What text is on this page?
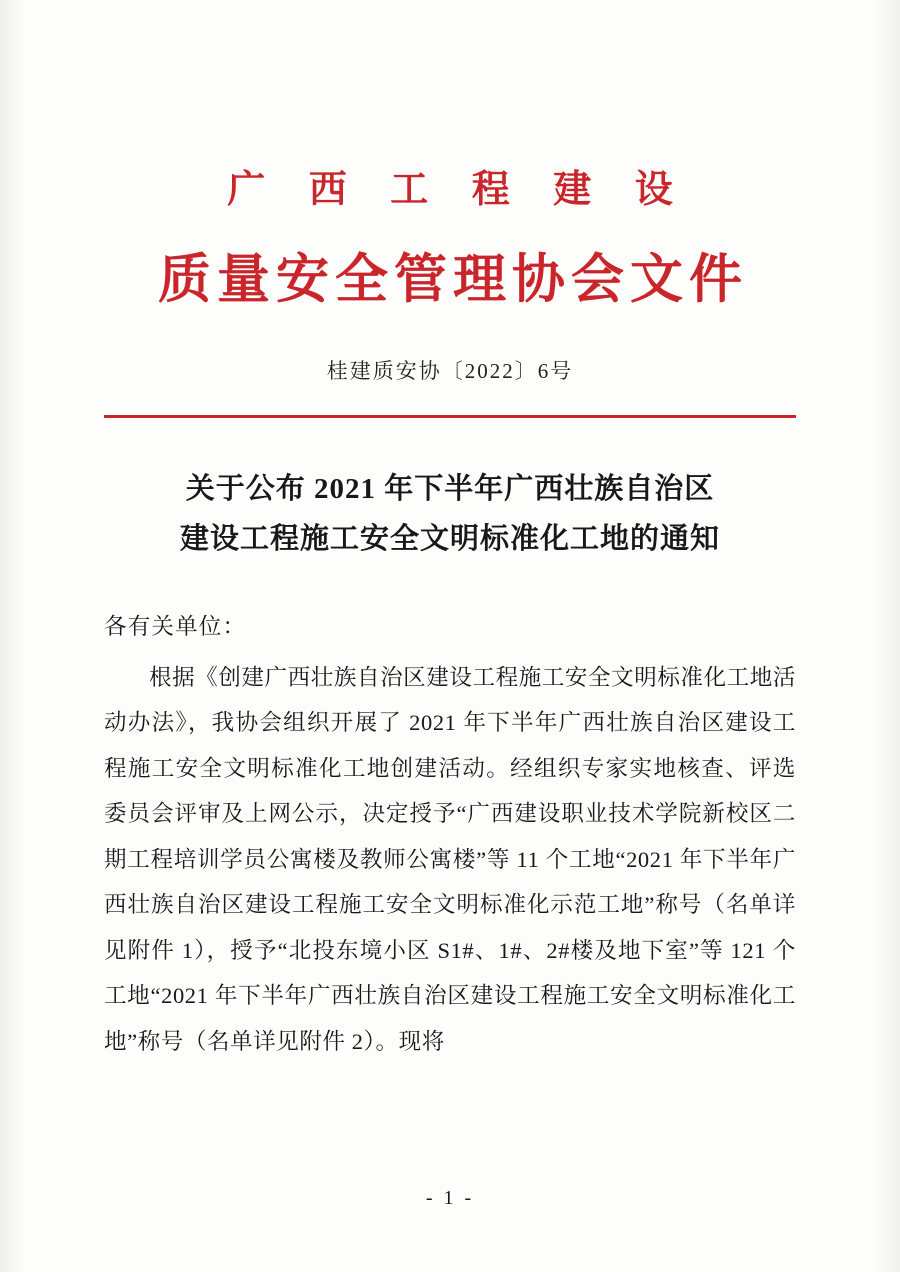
广 西 工 程 建 设
质量安全管理协会文件
桂建质安协〔2022〕6号
关于公布 2021 年下半年广西壮族自治区
建设工程施工安全文明标准化工地的通知
各有关单位：
根据《创建广西壮族自治区建设工程施工安全文明标准化工地活动办法》，我协会组织开展了 2021 年下半年广西壮族自治区建设工程施工安全文明标准化工地创建活动。经组织专家实地核查、评选委员会评审及上网公示，决定授予“广西建设职业技术学院新校区二期工程培训学员公寓楼及教师公寓楼”等 11 个工地“2021 年下半年广西壮族自治区建设工程施工安全文明标准化示范工地”称号（名单详见附件 1），授予“北投东境小区 S1#、1#、2#楼及地下室”等 121 个工地“2021 年下半年广西壮族自治区建设工程施工安全文明标准化工地”称号（名单详见附件 2）。现将
- 1 -
